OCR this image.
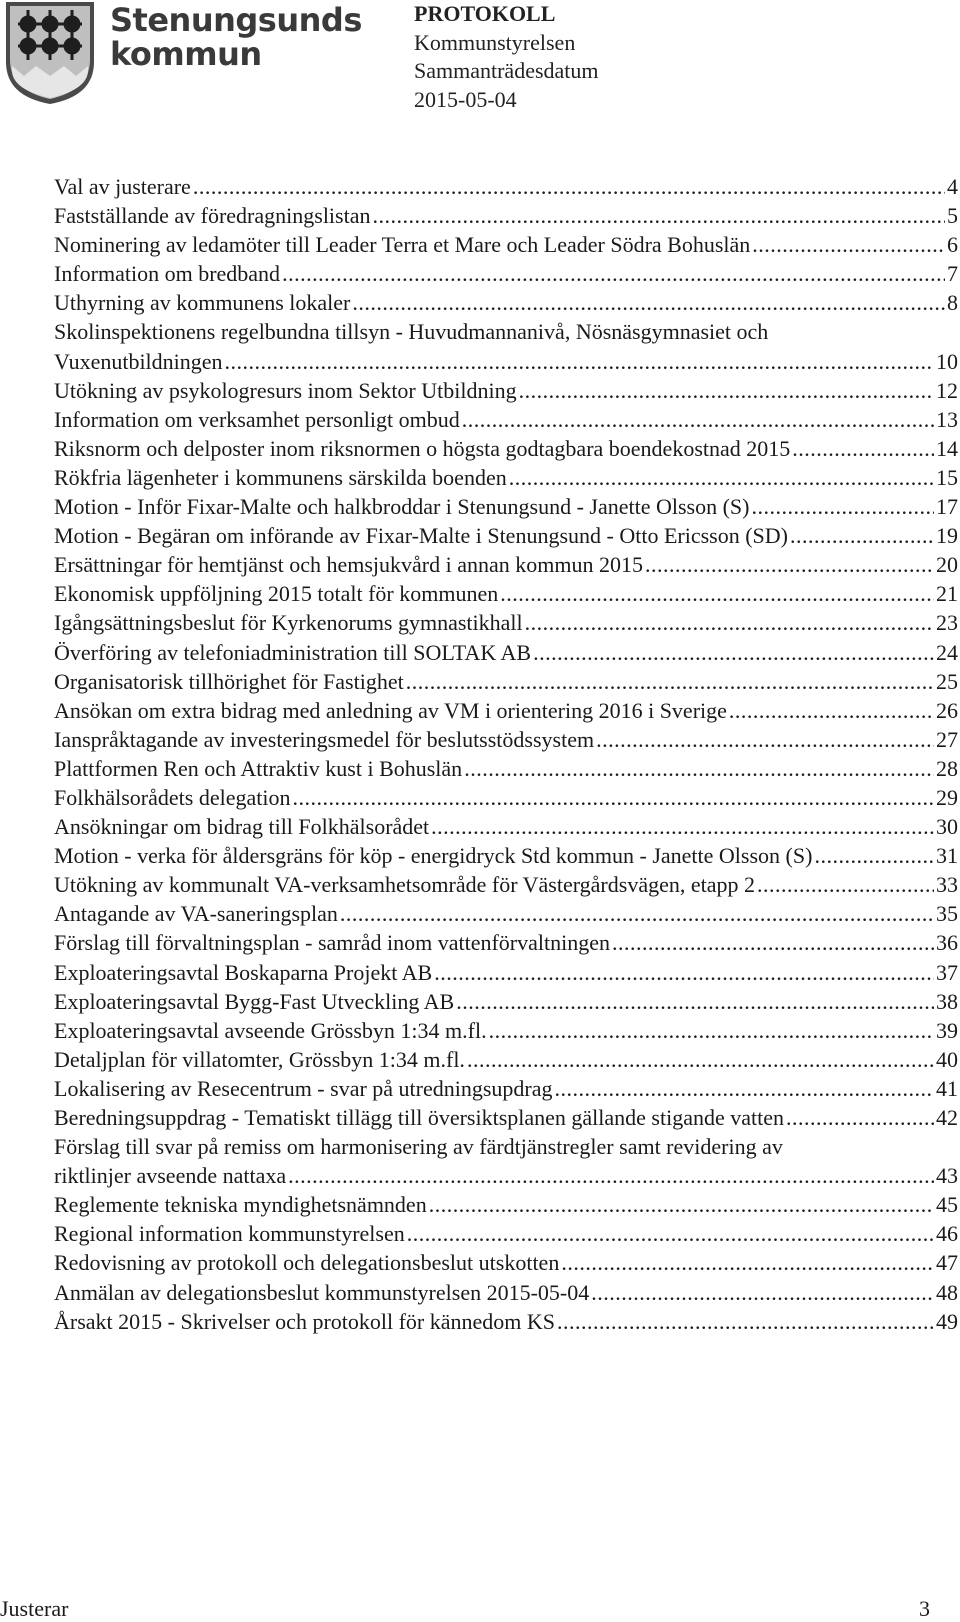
Stenungsunds
kommun
PROTOKOLL
Kommunstyrelsen
Sammanträdesdatum
2015-05-04
Val av justerare .....	4
Fastställande av föredragningslistan .....	5
Nominering av ledamöter till Leader Terra et Mare och Leader Södra Bohuslän .....	6
Information om bredband .....	7
Uthyrning av kommunens lokaler .....	8
Skolinspektionens regelbundna tillsyn - Huvudmannanivå, Nösnäsgymnasiet och
Vuxenutbildningen .....	10
Utökning av psykologresurs inom Sektor Utbildning .....	12
Information om verksamhet personligt ombud .....	13
Riksnorm och delposter inom riksnormen o högsta godtagbara boendekostnad 2015 .....	14
Rökfria lägenheter i kommunens särskilda boenden .....	15
Motion - Inför Fixar-Malte och halkbroddar i Stenungsund - Janette Olsson (S) .....	17
Motion - Begäran om införande av Fixar-Malte i Stenungsund - Otto Ericsson (SD) .....	19
Ersättningar för hemtjänst och hemsjukvård i annan kommun 2015 .....	20
Ekonomisk uppföljning 2015 totalt för kommunen .....	21
Igångsättningsbeslut för Kyrkenorums gymnastikhall .....	23
Överföring av telefoniadministration till SOLTAK AB .....	24
Organisatorisk tillhörighet för Fastighet .....	25
Ansökan om extra bidrag med anledning av VM i orientering 2016 i Sverige .....	26
Ianspråktagande av investeringsmedel för beslutsstödssystem .....	27
Plattformen Ren och Attraktiv kust i Bohuslän .....	28
Folkhälsorådets delegation .....	29
Ansökningar om bidrag till Folkhälsorådet .....	30
Motion - verka för åldersgräns för köp - energidryck Std kommun - Janette Olsson (S) .....	31
Utökning av kommunalt VA-verksamhetsområde för Västergårdsvägen, etapp 2 .....	33
Antagande av VA-saneringsplan .....	35
Förslag till förvaltningsplan - samråd inom vattenförvaltningen .....	36
Exploateringsavtal Boskaparna Projekt AB .....	37
Exploateringsavtal Bygg-Fast Utveckling AB .....	38
Exploateringsavtal avseende Grössbyn 1:34 m.fl. .....	39
Detaljplan för villatomter, Grössbyn 1:34 m.fl. .....	40
Lokalisering av Resecentrum - svar på utredningsupdrag .....	41
Beredningsuppdrag - Tematiskt tillägg till översiktsplanen gällande stigande vatten .....	42
Förslag till svar på remiss om harmonisering av färdtjänstregler samt revidering av
riktlinjer avseende nattaxa .....	43
Reglemente tekniska myndighetsnämnden .....	45
Regional information kommunstyrelsen .....	46
Redovisning av protokoll och delegationsbeslut utskotten .....	47
Anmälan av delegationsbeslut kommunstyrelsen 2015-05-04 .....	48
Årsakt 2015 - Skrivelser och protokoll för kännedom KS .....	49
Justerar	3
